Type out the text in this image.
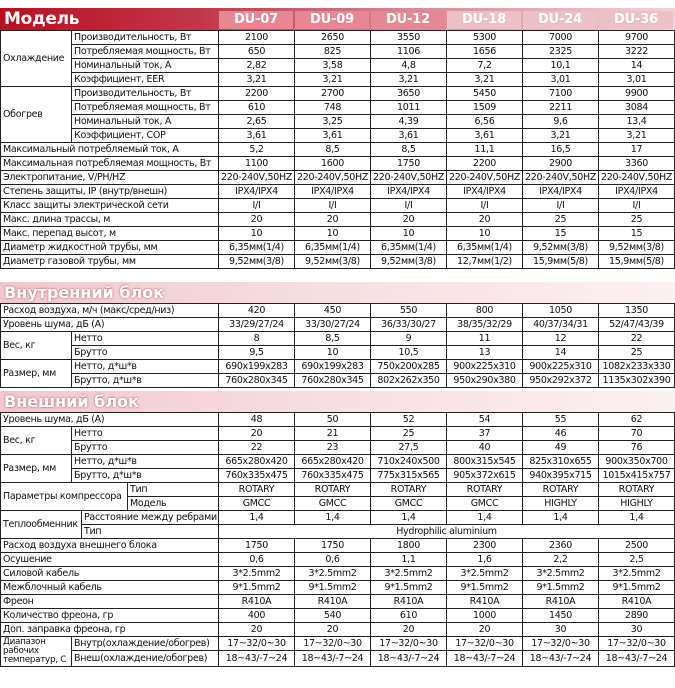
Модель	DU-07	DU-09	DU-12	DU-18	DU-24	DU-36
Внутренний блок
Внешний блок
Охлаждение
Производительность, Вт	2100	2650	3550	5300	7000	9700
Потребляемая мощность, Вт	650	825	1106	1656	2325	3222
Номинальный ток, А	2,82	3,58	4,8	7,2	10,1	14
Коэффициент, EER	3,21	3,21	3,21	3,21	3,01	3,01
Обогрев
Производительность, Вт	2200	2700	3650	5450	7100	9900
Потребляемая мощность, Вт	610	748	1011	1509	2211	3084
Номинальный ток, А	2,65	3,25	4,39	6,56	9,6	13,4
Коэффициент, COP	3,61	3,61	3,61	3,61	3,21	3,21
Максимальный потребляемый ток, А	5,2	8,5	8,5	11,1	16,5	17
Максимальная потребляемая мощность, Вт	1100	1600	1750	2200	2900	3360
Электропитание, V/PH/HZ	220-240V,50HZ 220-240V,50HZ 220-240V,50HZ 220-240V,50HZ 220-240V,50HZ 220-240V,50HZ
Степень защиты, IP (внутр/внешн)	IPX4/IPX4	IPX4/IPX4	IPX4/IPX4	IPX4/IPX4	IPX4/IPX4	IPX4/IPX4
Класс защиты электрической сети	I/I	I/I	I/I	I/I	I/I	I/I
Макс. длина трассы, м	20	20	20	20	25	25
Макс. перепад высот, м	10	10	10	10	15	15
Диаметр жидкостной трубы, мм	6,35мм(1/4)	6,35мм(1/4)	6,35мм(1/4)	6,35мм(1/4)	9,52мм(3/8)	9,52мм(3/8)
Диаметр газовой трубы, мм	9,52мм(3/8)	9,52мм(3/8)	9,52мм(3/8)	12,7мм(1/2)	15,9мм(5/8)	15,9мм(5/8)
Расход воздуха, м/ч (макс/сред/низ)	420	450	550	800	1050	1350
Уровень шума, дБ (А)	33/29/27/24	33/30/27/24	36/33/30/27	38/35/32/29	40/37/34/31	52/47/43/39
Вес, кг
Нетто	8	8,5	9	11	12	22
Брутто	9,5	10	10,5	13	14	25
Размер, мм
Нетто, д*ш*в	690x199x283	690x199x283	750x200x285	900x225x310	900x225x310	1082x233x330
Брутто, д*ш*в	760x280x345	760x280x345	802x262x350	950x290x380	950x292x372	1135x302x390
Уровень шума, дБ (А)	48	50	52	54	55	62
Вес, кг
Нетто	20	21	25	37	46	70
Брутто	22	23	27,5	40	49	76
Размер, мм
Нетто, д*ш*в	665x280x420	665x280x420	710x240x500	800x315x545	825x310x655	900x350x700
Брутто, д*ш*в	760x335x475	760x335x475	775x315x565	905x372x615	940x395x715	1015x415x757
Параметры компрессора
Тип	ROTARY	ROTARY	ROTARY	ROTARY	ROTARY	ROTARY
Модель	GMCC	GMCC	GMCC	GMCC	HIGHLY	HIGHLY
Теплообменник
Расстояние между ребрами	1,4	1,4	1,4	1,4	1,4	1,4
Тип	Hydrophilic aluminium
Расход воздуха внешнего блока	1750	1750	1800	2300	2360	2500
Осушение	0,6	0,6	1,1	1,6	2,2	2,5
Силовой кабель	3*2.5mm2	3*2.5mm2	3*2.5mm2	3*2.5mm2	3*2.5mm2	3*2.5mm2
Межблочный кабель	9*1.5mm2	9*1.5mm2	9*1.5mm2	9*1.5mm2	9*1.5mm2	9*1.5mm2
Фреон	R410A	R410A	R410A	R410A	R410A	R410A
Количество фреона, гр	400	540	610	1000	1450	2890
Доп. заправка фреона, гр	20	20	20	20	30	30
Диапазон рабочих температур, С
Внутр(охлаждение/обогрев)	17~32/0~30	17~32/0~30	17~32/0~30	17~32/0~30	17~32/0~30	17~32/0~30
Внеш(охлаждение/обогрев)	18~43/-7~24	18~43/-7~24	18~43/-7~24	18~43/-7~24	18~43/-7~24	18~43/-7~24
